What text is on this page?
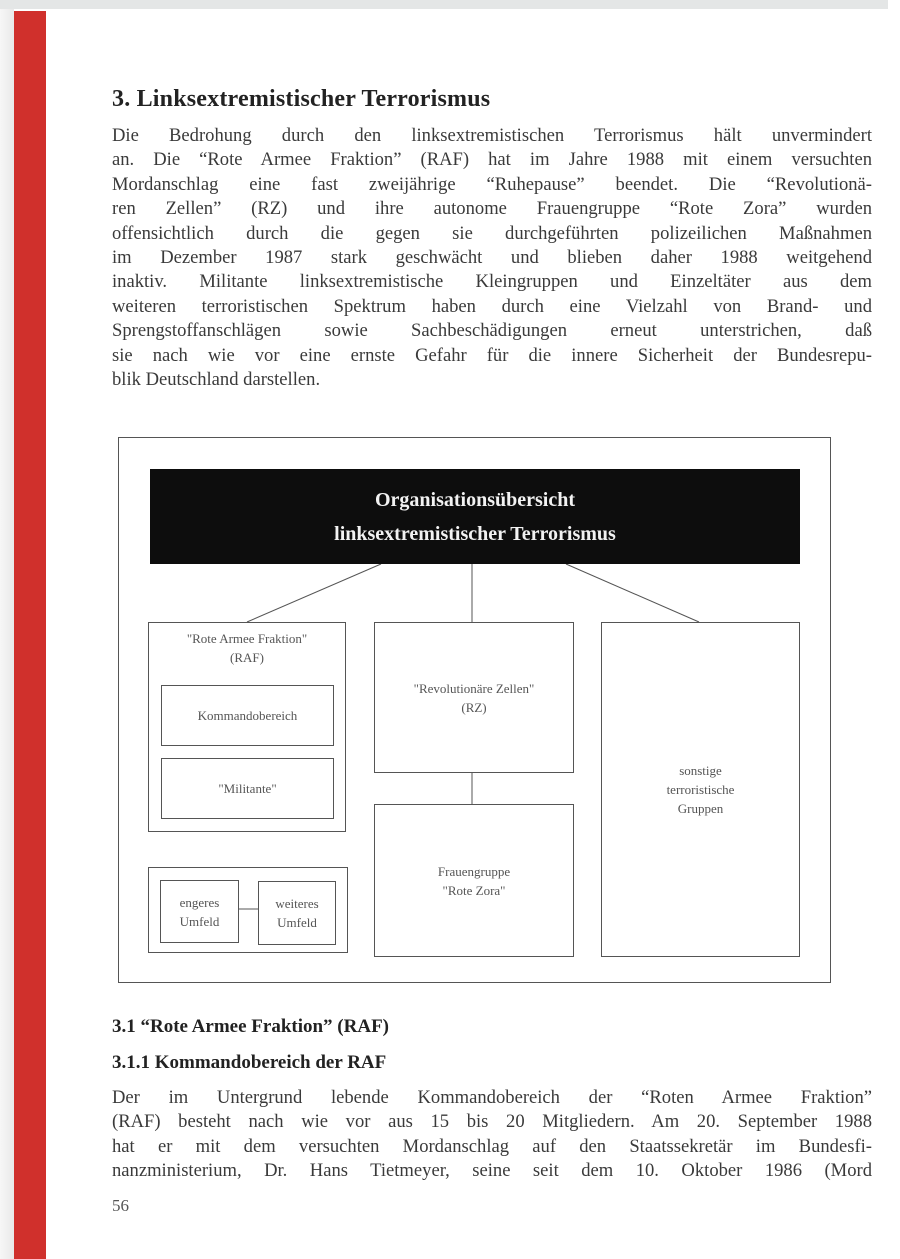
3. Linksextremistischer Terrorismus
Die Bedrohung durch den linksextremistischen Terrorismus hält unvermindert
an. Die “Rote Armee Fraktion” (RAF) hat im Jahre 1988 mit einem versuchten
Mordanschlag eine fast zweijährige “Ruhepause” beendet. Die “Revolutionä-
ren Zellen” (RZ) und ihre autonome Frauengruppe “Rote Zora” wurden
offensichtlich durch die gegen sie durchgeführten polizeilichen Maßnahmen
im Dezember 1987 stark geschwächt und blieben daher 1988 weitgehend
inaktiv. Militante linksextremistische Kleingruppen und Einzeltäter aus dem
weiteren terroristischen Spektrum haben durch eine Vielzahl von Brand- und
Sprengstoffanschlägen sowie Sachbeschädigungen erneut unterstrichen, daß
sie nach wie vor eine ernste Gefahr für die innere Sicherheit der Bundesrepu-
blik Deutschland darstellen.
Organisationsübersicht
linksextremistischer Terrorismus
"Rote Armee Fraktion"
(RAF)
Kommandobereich
"Militante"
engeres
Umfeld
weiteres
Umfeld
"Revolutionäre Zellen"
(RZ)
Frauengruppe
"Rote Zora"
sonstige
terroristische
Gruppen
3.1 “Rote Armee Fraktion” (RAF)
3.1.1 Kommandobereich der RAF
Der im Untergrund lebende Kommandobereich der “Roten Armee Fraktion”
(RAF) besteht nach wie vor aus 15 bis 20 Mitgliedern. Am 20. September 1988
hat er mit dem versuchten Mordanschlag auf den Staatssekretär im Bundesfi-
nanzministerium, Dr. Hans Tietmeyer, seine seit dem 10. Oktober 1986 (Mord
56
